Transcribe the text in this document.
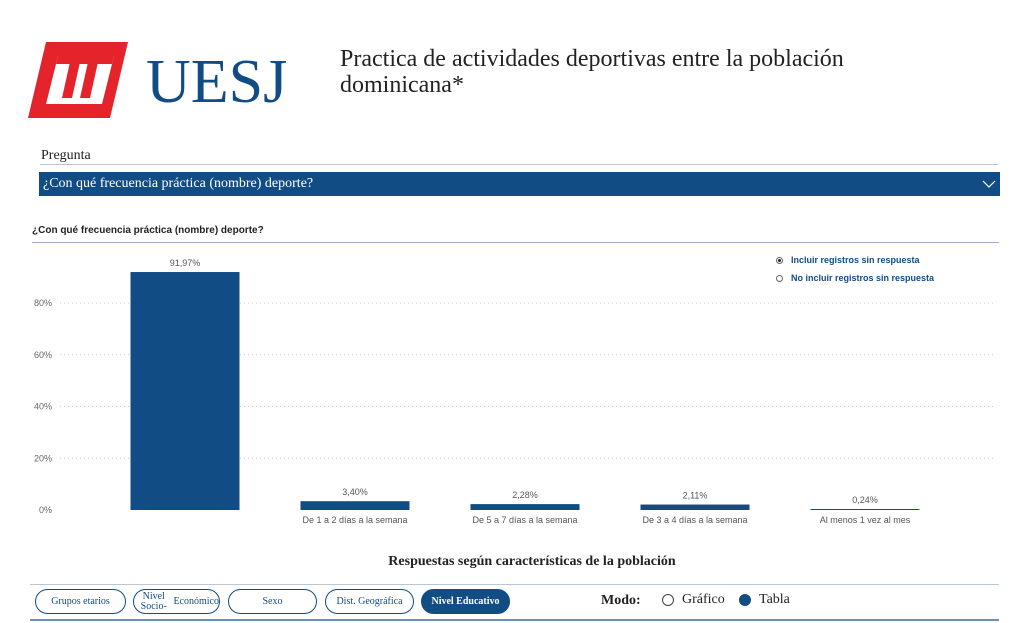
UESJ Practica de actividades deportivas entre la población dominicana*
Pregunta
¿Con qué frecuencia práctica (nombre) deporte?
¿Con qué frecuencia práctica (nombre) deporte?
0%
20%
40%
60%
80%
91,97%
3,40%
De 1 a 2 días a la semana
2,28%
De 5 a 7 días a la semana
2,11%
De 3 a 4 días a la semana
0,24%
Al menos 1 vez al mes
Incluir registros sin respuesta
No incluir registros sin respuesta
Respuestas según características de la población
Grupos etarios	Nivel Socio- Económico	Sexo	Dist. Geográfica	Nivel Educativo	Modo:	Gráfico Tabla
